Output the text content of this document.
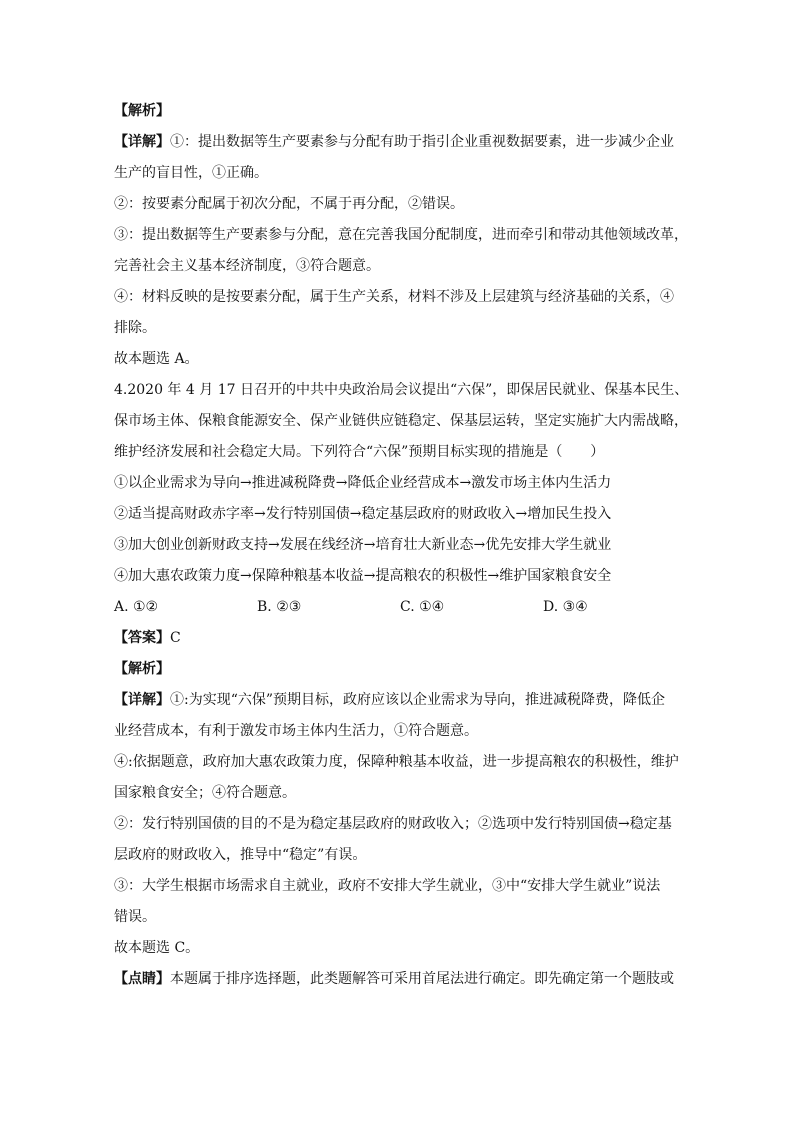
【解析】
【详解】①：提出数据等生产要素参与分配有助于指引企业重视数据要素，进一步减少企业
生产的盲目性，①正确。
②：按要素分配属于初次分配，不属于再分配，②错误。
③：提出数据等生产要素参与分配，意在完善我国分配制度，进而牵引和带动其他领域改革，
完善社会主义基本经济制度，③符合题意。
④：材料反映的是按要素分配，属于生产关系，材料不涉及上层建筑与经济基础的关系，④
排除。
故本题选 A。
4.2020 年 4 月 17 日召开的中共中央政治局会议提出“六保”，即保居民就业、保基本民生、
保市场主体、保粮食能源安全、保产业链供应链稳定、保基层运转，坚定实施扩大内需战略，
维护经济发展和社会稳定大局。下列符合“六保”预期目标实现的措施是（　　）
①以企业需求为导向→推进减税降费→降低企业经营成本→激发市场主体内生活力
②适当提高财政赤字率→发行特别国债→稳定基层政府的财政收入→增加民生投入
③加大创业创新财政支持→发展在线经济→培育壮大新业态→优先安排大学生就业
④加大惠农政策力度→保障种粮基本收益→提高粮农的积极性→维护国家粮食安全
A. ①②	B. ②③	C. ①④	D. ③④
【答案】C
【解析】
【详解】①:为实现“六保”预期目标，政府应该以企业需求为导向，推进减税降费，降低企
业经营成本，有利于激发市场主体内生活力，①符合题意。
④:依据题意，政府加大惠农政策力度，保障种粮基本收益，进一步提高粮农的积极性，维护
国家粮食安全；④符合题意。
②：发行特别国债的目的不是为稳定基层政府的财政收入；②选项中发行特别国债→稳定基
层政府的财政收入，推导中“稳定”有误。
③：大学生根据市场需求自主就业，政府不安排大学生就业，③中“安排大学生就业”说法
错误。
故本题选 C。
【点睛】本题属于排序选择题，此类题解答可采用首尾法进行确定。即先确定第一个题肢或
